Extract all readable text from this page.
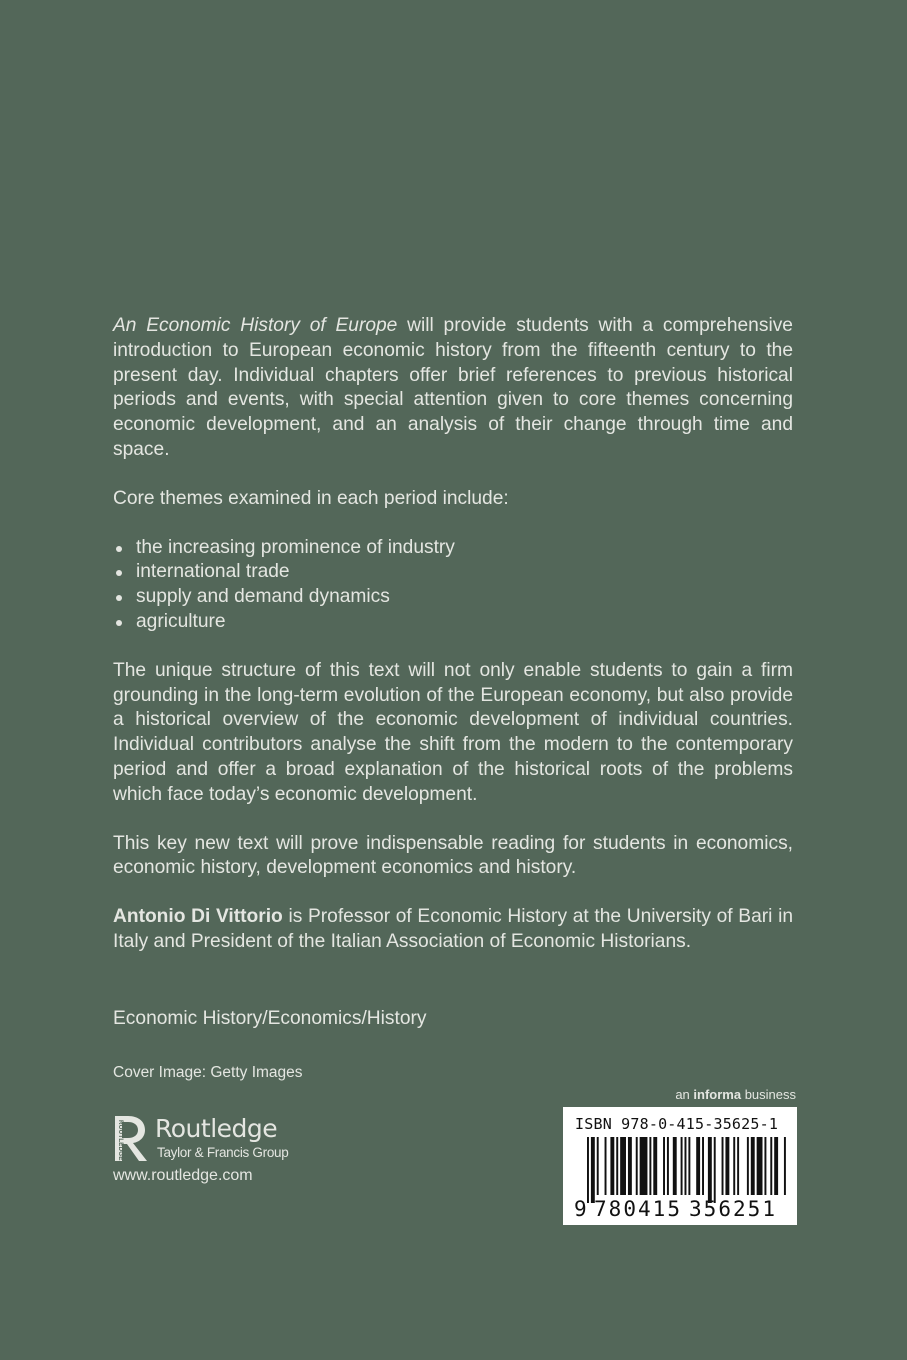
An Economic History of Europe will provide students with a comprehensive introduction to European economic history from the fifteenth century to the present day. Individual chapters offer brief references to previous historical periods and events, with special attention given to core themes concerning economic development, and an analysis of their change through time and space.

Core themes examined in each period include:

the increasing prominence of industry
international trade
supply and demand dynamics
agriculture

The unique structure of this text will not only enable students to gain a firm grounding in the long-term evolution of the European economy, but also provide a historical overview of the economic development of individual countries. Individual contributors analyse the shift from the modern to the contemporary period and offer a broad explanation of the historical roots of the problems which face today’s economic development.

This key new text will prove indispensable reading for students in economics, economic history, development economics and history.

Antonio Di Vittorio is Professor of Economic History at the University of Bari in Italy and President of the Italian Association of Economic Historians.

Economic History/Economics/History
Cover Image: Getty Images
ROUTLEDGE Routledge
Taylor & Francis Group
www.routledge.com
an informa business
ISBN 978-0-415-35625-1
9 780415 356251
